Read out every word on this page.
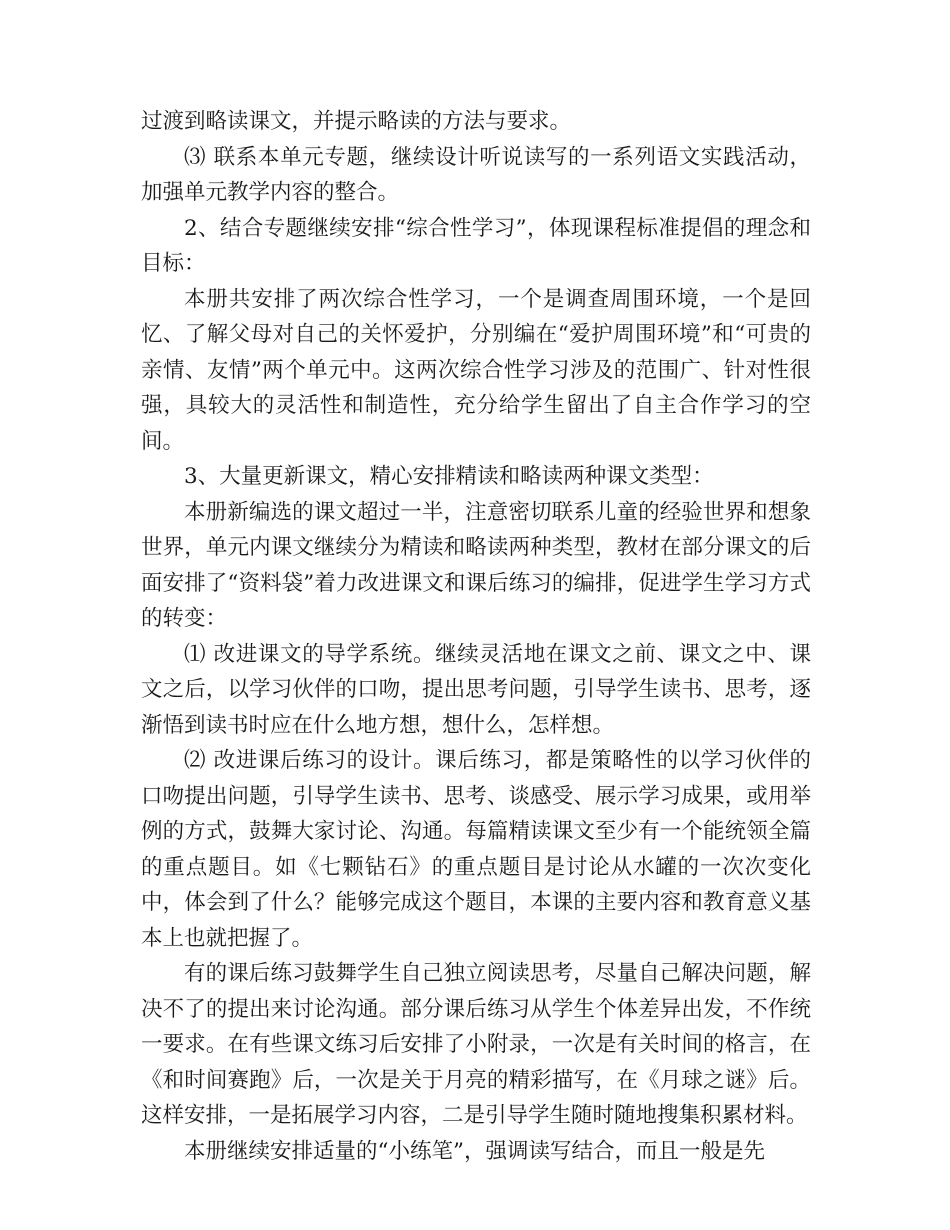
过渡到略读课文，并提示略读的方法与要求。

⑶ 联系本单元专题，继续设计听说读写的一系列语文实践活动，加强单元教学内容的整合。

2、结合专题继续安排“综合性学习”，体现课程标准提倡的理念和目标：

本册共安排了两次综合性学习，一个是调查周围环境，一个是回忆、了解父母对自己的关怀爱护，分别编在“爱护周围环境”和“可贵的亲情、友情”两个单元中。这两次综合性学习涉及的范围广、针对性很强，具较大的灵活性和制造性，充分给学生留出了自主合作学习的空间。

3、大量更新课文，精心安排精读和略读两种课文类型：

本册新编选的课文超过一半，注意密切联系儿童的经验世界和想象世界，单元内课文继续分为精读和略读两种类型，教材在部分课文的后面安排了“资料袋”着力改进课文和课后练习的编排，促进学生学习方式的转变：

⑴ 改进课文的导学系统。继续灵活地在课文之前、课文之中、课文之后，以学习伙伴的口吻，提出思考问题，引导学生读书、思考，逐渐悟到读书时应在什么地方想，想什么，怎样想。

⑵ 改进课后练习的设计。课后练习，都是策略性的以学习伙伴的口吻提出问题，引导学生读书、思考、谈感受、展示学习成果，或用举例的方式，鼓舞大家讨论、沟通。每篇精读课文至少有一个能统领全篇的重点题目。如《七颗钻石》的重点题目是讨论从水罐的一次次变化中，体会到了什么？能够完成这个题目，本课的主要内容和教育意义基本上也就把握了。

有的课后练习鼓舞学生自己独立阅读思考，尽量自己解决问题，解决不了的提出来讨论沟通。部分课后练习从学生个体差异出发，不作统一要求。在有些课文练习后安排了小附录，一次是有关时间的格言，在《和时间赛跑》后，一次是关于月亮的精彩描写，在《月球之谜》后。这样安排，一是拓展学习内容，二是引导学生随时随地搜集积累材料。

本册继续安排适量的“小练笔”，强调读写结合，而且一般是先
